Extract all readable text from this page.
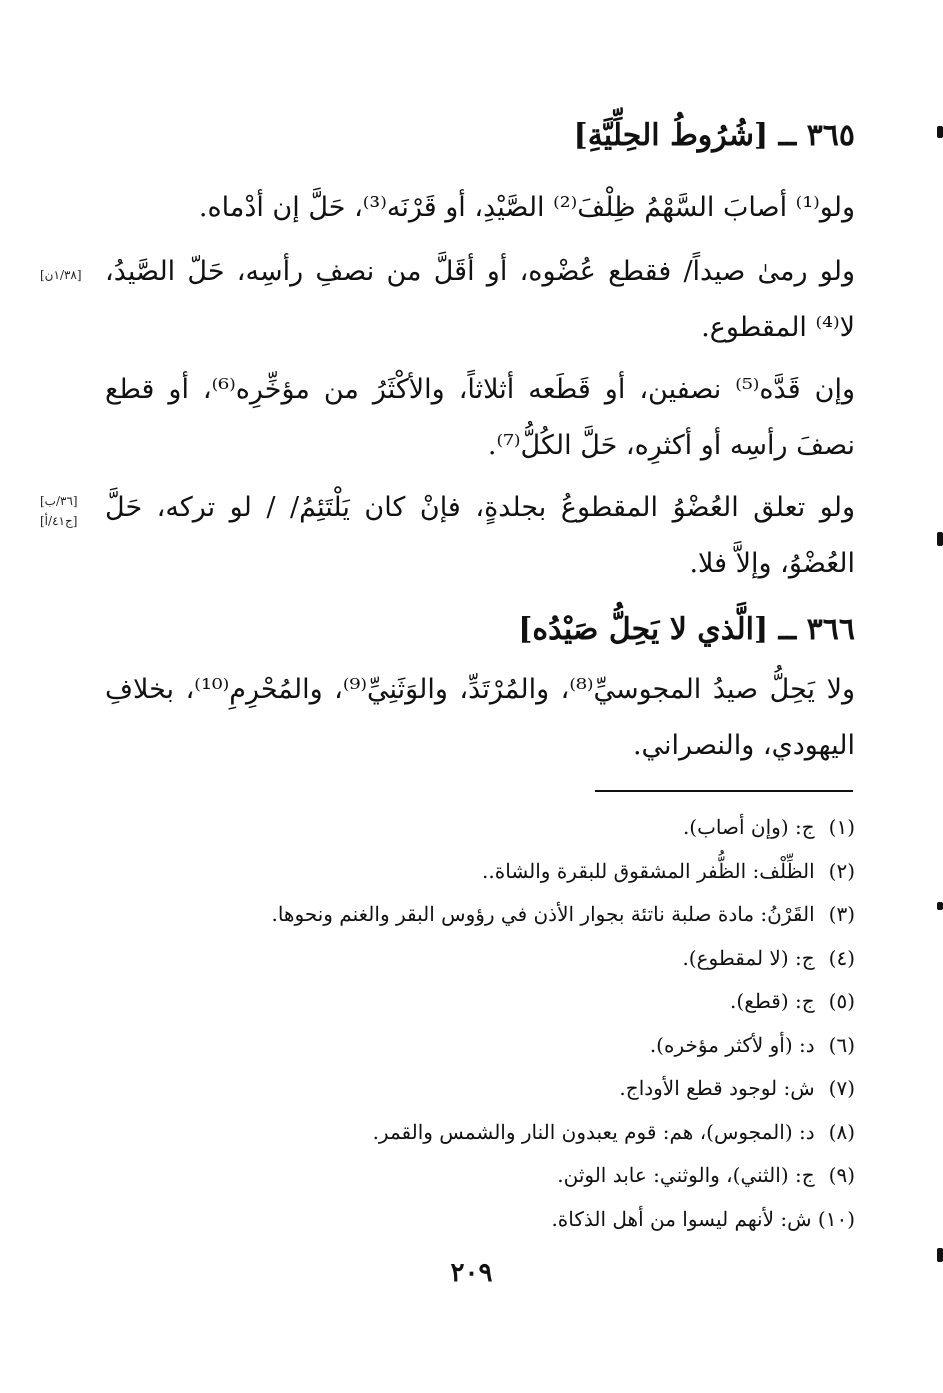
٣٦٥ ــ [شُرُوطُ الحِلِّيَّةِ]

ولو⁽¹⁾ أصابَ السَّهْمُ ظِلْفَ⁽²⁾ الصَّيْدِ، أو قَرْنَه⁽³⁾، حَلَّ إن أدْماه.

ولو رمىٰ صيداً/ فقطع عُضْوه، أو أقَلَّ من نصفِ رأسِه، حَلّ الصَّيدُ، لا⁽⁴⁾ المقطوع.

[١/٣٨ن]

وإن قَدَّه⁽⁵⁾ نصفين، أو قَطَعه أثلاثاً، والأكْثَرُ من مؤخِّرِه⁽⁶⁾، أو قطع نصفَ رأسِه أو أكثرِه، حَلَّ الكُلُّ⁽⁷⁾.

ولو تعلق العُضْوُ المقطوعُ بجلدةٍ، فإنْ كان يَلْتَئِمُ/ / لو تركه، حَلَّ العُضْوُ، وإلاَّ فلا.

[٣٦/ب]
[ج٤١/أ]
٣٦٦ ــ [الَّذي لا يَحِلُّ صَيْدُه]

ولا يَحِلُّ صيدُ المجوسيِّ⁽⁸⁾، والمُرْتَدِّ، والوَثَنِيِّ⁽⁹⁾، والمُحْرِمِ⁽¹⁰⁾، بخلافِ اليهودي، والنصراني.

(١) ج: (وإن أصاب).
(٢) الظِّلْف: الظُّفر المشقوق للبقرة والشاة..
(٣) القَرْنُ: مادة صلبة ناتئة بجوار الأذن في رؤوس البقر والغنم ونحوها.
(٤) ج: (لا لمقطوع).
(٥) ج: (قطع).
(٦) د: (أو لأكثر مؤخره).
(٧) ش: لوجود قطع الأوداج.
(٨) د: (المجوس)، هم: قوم يعبدون النار والشمس والقمر.
(٩) ج: (الثني)، والوثني: عابد الوثن.
(١٠) ش: لأنهم ليسوا من أهل الذكاة.
٢٠٩
